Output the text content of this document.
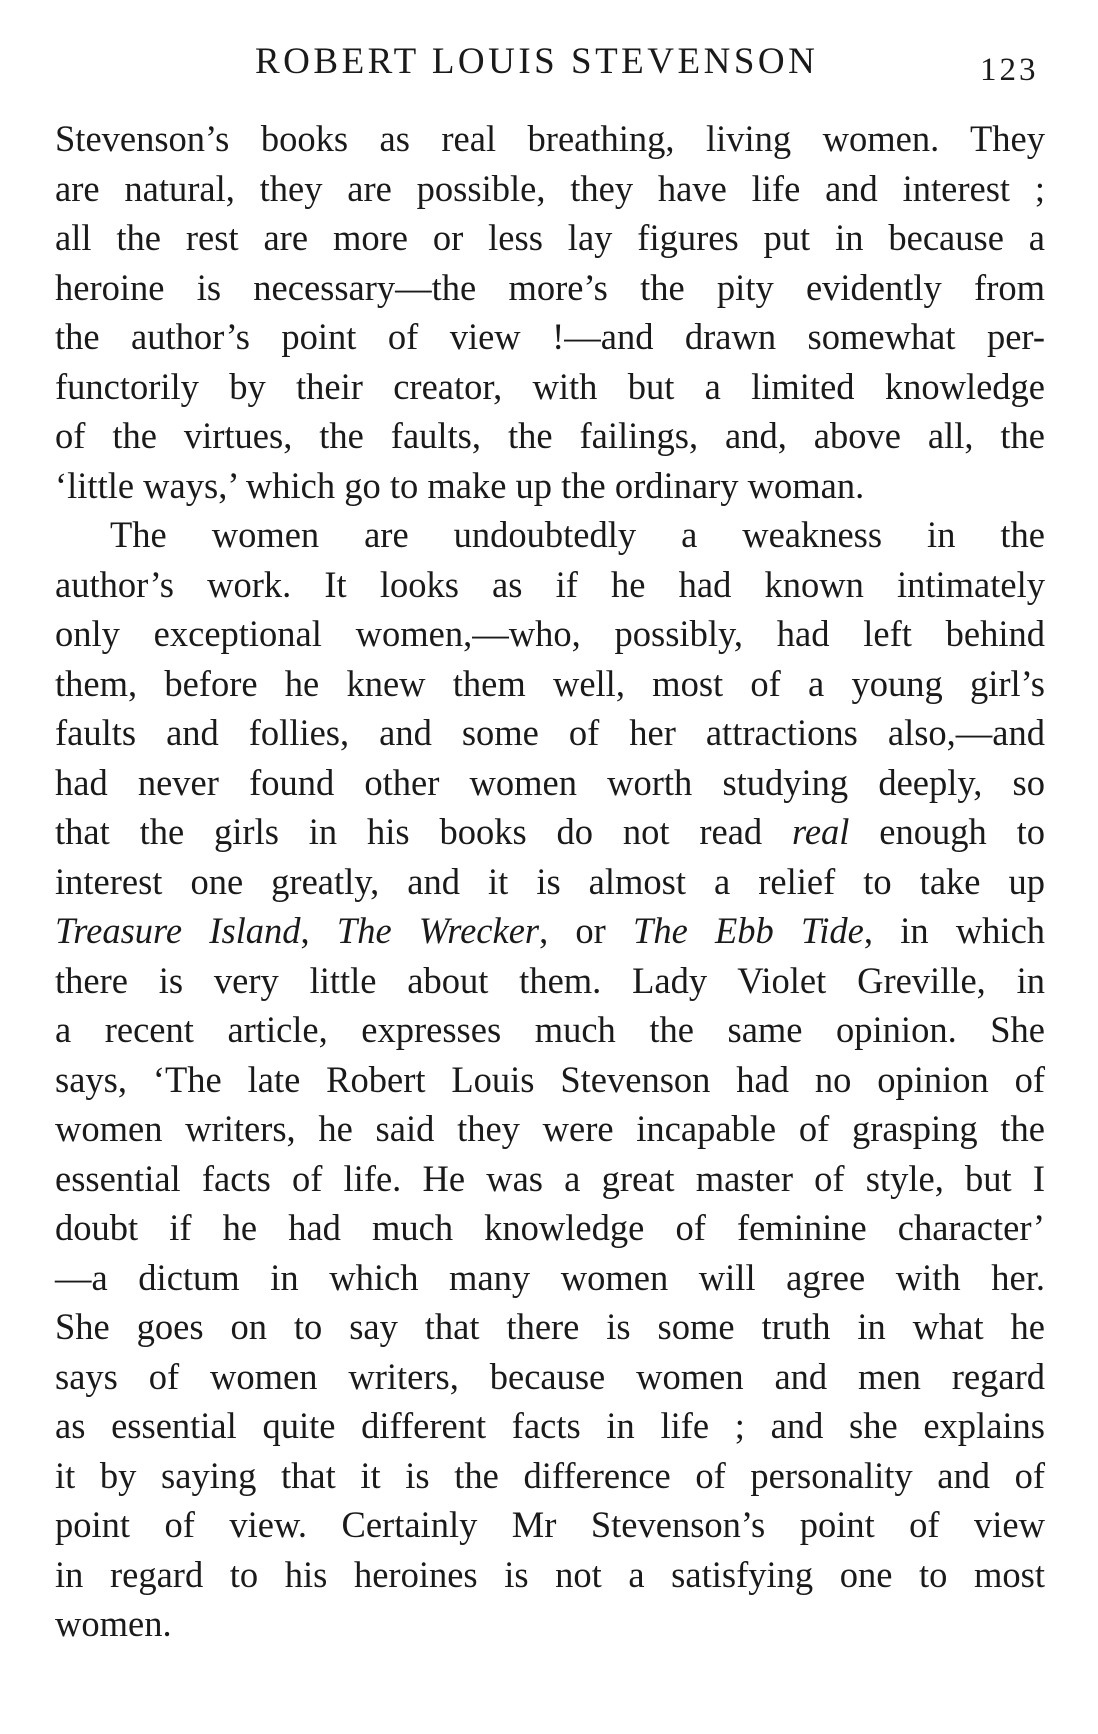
ROBERT LOUIS STEVENSON	123
Stevenson’s books as real breathing, living women. They
are natural, they are possible, they have life and interest ;
all the rest are more or less lay figures put in because a
heroine is necessary—the more’s the pity evidently from
the author’s point of view !—and drawn somewhat per-
functorily by their creator, with but a limited knowledge
of the virtues, the faults, the failings, and, above all, the
‘little ways,’ which go to make up the ordinary woman.
The women are undoubtedly a weakness in the
author’s work. It looks as if he had known intimately
only exceptional women,—who, possibly, had left behind
them, before he knew them well, most of a young girl’s
faults and follies, and some of her attractions also,—and
had never found other women worth studying deeply, so
that the girls in his books do not read real enough to
interest one greatly, and it is almost a relief to take up
Treasure Island, The Wrecker, or The Ebb Tide, in which
there is very little about them. Lady Violet Greville, in
a recent article, expresses much the same opinion. She
says, ‘The late Robert Louis Stevenson had no opinion of
women writers, he said they were incapable of grasping the
essential facts of life. He was a great master of style, but I
doubt if he had much knowledge of feminine character’
—a dictum in which many women will agree with her.
She goes on to say that there is some truth in what he
says of women writers, because women and men regard
as essential quite different facts in life ; and she explains
it by saying that it is the difference of personality and of
point of view. Certainly Mr Stevenson’s point of view
in regard to his heroines is not a satisfying one to most
women.
